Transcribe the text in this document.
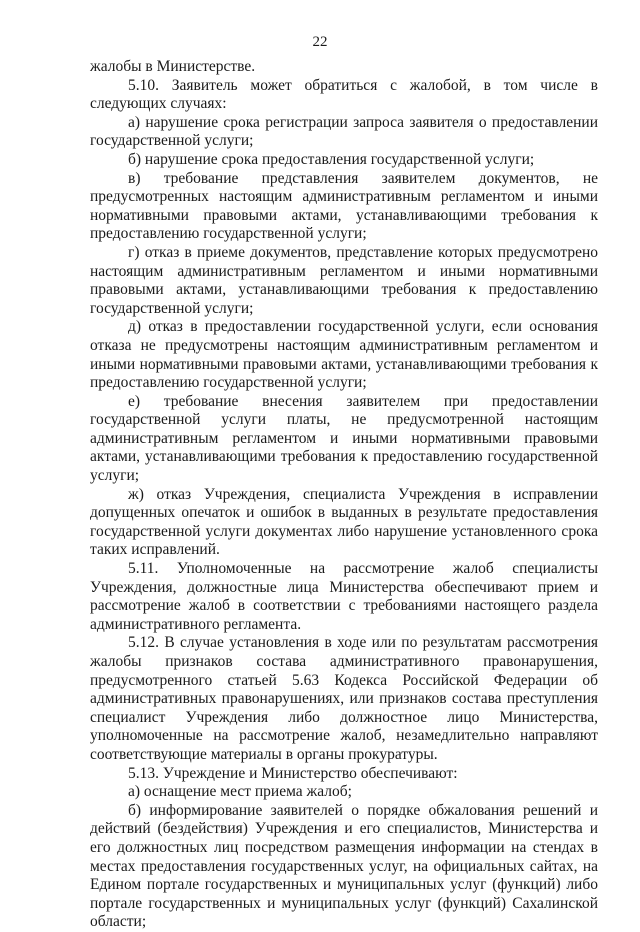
22

жалобы в Министерстве.

5.10. Заявитель может обратиться с жалобой, в том числе в следующих случаях:

а) нарушение срока регистрации запроса заявителя о предоставлении государственной услуги;

б) нарушение срока предоставления государственной услуги;

в) требование представления заявителем документов, не предусмотренных настоящим административным регламентом и иными нормативными правовыми актами, устанавливающими требования к предоставлению государственной услуги;

г) отказ в приеме документов, представление которых предусмотрено настоящим административным регламентом и иными нормативными правовыми актами, устанавливающими требования к предоставлению государственной услуги;

д) отказ в предоставлении государственной услуги, если основания отказа не предусмотрены настоящим административным регламентом и иными нормативными правовыми актами, устанавливающими требования к предоставлению государственной услуги;

е) требование внесения заявителем при предоставлении государственной услуги платы, не предусмотренной настоящим административным регламентом и иными нормативными правовыми актами, устанавливающими требования к предоставлению государственной услуги;

ж) отказ Учреждения, специалиста Учреждения в исправлении допущенных опечаток и ошибок в выданных в результате предоставления государственной услуги документах либо нарушение установленного срока таких исправлений.

5.11. Уполномоченные на рассмотрение жалоб специалисты Учреждения, должностные лица Министерства обеспечивают прием и рассмотрение жалоб в соответствии с требованиями настоящего раздела административного регламента.

5.12. В случае установления в ходе или по результатам рассмотрения жалобы признаков состава административного правонарушения, предусмотренного статьей 5.63 Кодекса Российской Федерации об административных правонарушениях, или признаков состава преступления специалист Учреждения либо должностное лицо Министерства, уполномоченные на рассмотрение жалоб, незамедлительно направляют соответствующие материалы в органы прокуратуры.

5.13. Учреждение и Министерство обеспечивают:

а) оснащение мест приема жалоб;

б) информирование заявителей о порядке обжалования решений и действий (бездействия) Учреждения и его специалистов, Министерства и его должностных лиц посредством размещения информации на стендах в местах предоставления государственных услуг, на официальных сайтах, на Едином портале государственных и муниципальных услуг (функций) либо портале государственных и муниципальных услуг (функций) Сахалинской области;
